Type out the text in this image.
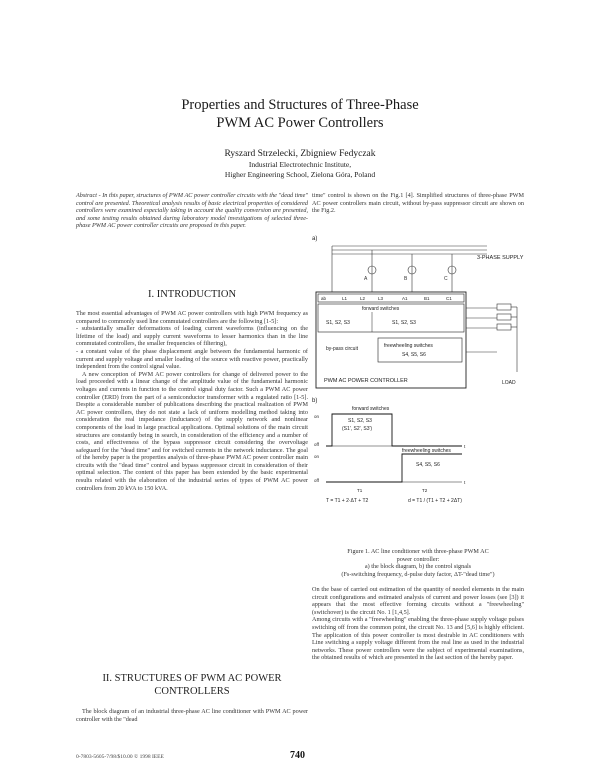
Properties and Structures of Three-Phase
PWM AC Power Controllers
Ryszard Strzelecki, Zbigniew Fedyczak
Industrial Electrotechnic Institute,
Higher Engineering School, Zielona Góra, Poland

Abstract - In this paper, structures of PWM AC power controller circuits with the "dead time" control are presented. Theoretical analysis results of basic electrical properties of considered controllers were examined especially taking in account the quality conversion are presented, and some testing results obtained during laboratory model investigations of selected three-phase PWM AC power controller circuits are proposed in this paper.

I. INTRODUCTION

The most essential advantages of PWM AC power controllers with high PWM frequency as compared to commonly used line commutated controllers are the following [1-5]:

- substantially smaller deformations of loading current waveforms (influencing on the lifetime of the load) and supply current waveforms to lesser harmonics than in the line commutated controllers, the smaller frequencies of filtering),

- a constant value of the phase displacement angle between the fundamental harmonic of current and supply voltage and smaller loading of the source with reactive power, practically independent from the control signal value.

A new conception of PWM AC power controllers for change of delivered power to the load proceeded with a linear change of the amplitude value of the fundamental harmonic voltages and currents in function to the control signal duty factor. Such a PWM AC power controller (ERD) from the part of a semiconductor transformer with a regulated ratio [1-5]. Despite a considerable number of publications describing the practical realization of PWM AC power controllers, they do not state a lack of uniform modelling method taking into consideration the real impedance (inductance) of the supply network and nonlinear components of the load in large practical applications. Optimal solutions of the main circuit structures are constantly being in search, in consideration of the efficiency and a number of costs, and effectiveness of the bypass suppressor circuit considering the overvoltage safeguard for the "dead time" and for switched currents in the network inductance. The goal of the hereby paper is the properties analysis of three-phase PWM AC power controller main circuits with the "dead time" control and bypass suppressor circuit in consideration of their optimal selection. The content of this paper has been extended by the basic experimental results related with the elaboration of the industrial series of types of PWM AC power controllers from 20 kVA to 150 kVA.

II. STRUCTURES OF PWM AC POWER
CONTROLLERS

The block diagram of an industrial three-phase AC line conditioner with PWM AC power controller with the "dead

time" control is shown on the Fig.1 [4]. Simplified structures of three-phase PWM AC power controllers main circuit, without by-pass suppressor circuit are shown on the Fig.2.

a)
3-PHASE SUPPLY
A	B	C
ab	L1	L2	L3	A1	B1	C1
forward switches
S1, S2, S3	S1, S2, S3
by-pass circuit	freewheeling switches
S4, S5, S6
PWM AC POWER CONTROLLER	LOAD
b)
forward switches
S1, S2, S3
(S1', S2', S3')
on
off	t
freewheeling switches
S4, S5, S6
on
off	t
T1	T2
T = T1 + 2·ΔT + T2	d = T1 / (T1 + T2 + 2ΔT)
Figure 1. AC line conditioner with three-phase PWM AC
power controller:
a) the block diagram, b) the control signals
(Fs-switching frequency, d-pulse duty factor, ΔT-"dead time")

On the base of carried out estimation of the quantity of needed elements in the main circuit configurations and estimated analysis of current and power losses (see [3]) it appears that the most effective forming circuits without a "freewheeling" (switchover) is the circuit No. 1 [1,4,5].

Among circuits with a "freewheeling" enabling the three-phase supply voltage pulses switching off from the common point, the circuit No. 13 and [5,6] is highly efficient. The application of this power controller is most desirable in AC conditioners with Line switching a supply voltage different from the real line as used in the industrial networks. These power controllers were the subject of experimental examinations, the obtained results of which are presented in the last section of the hereby paper.

0-7803-5605-7/98/$10.00 © 1998 IEEE	740
